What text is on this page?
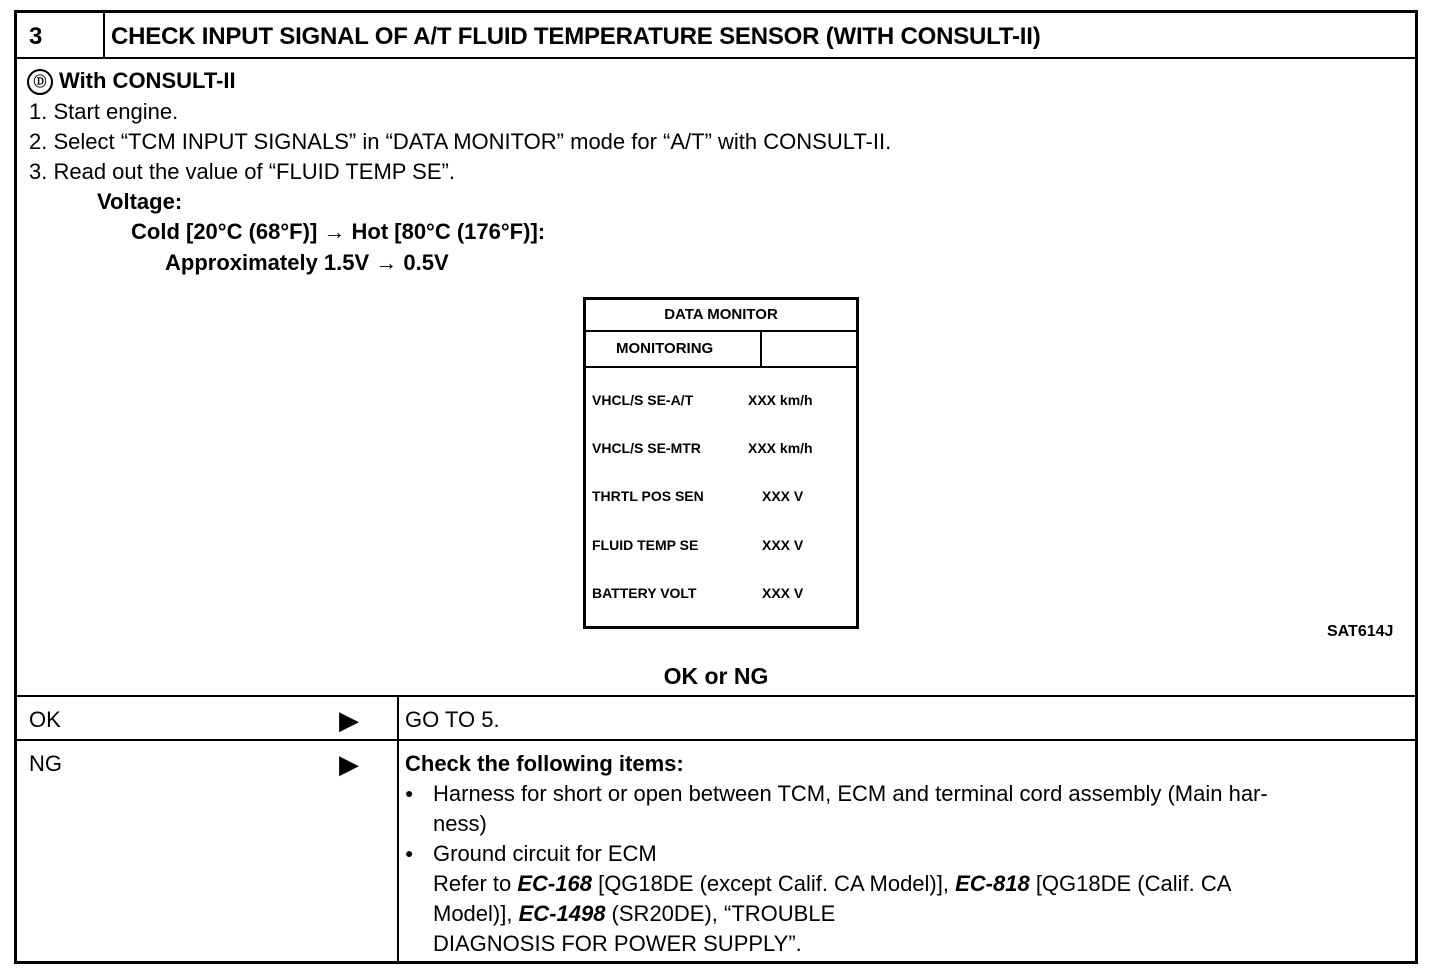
3	CHECK INPUT SIGNAL OF A/T FLUID TEMPERATURE SENSOR (WITH CONSULT-II)
Ⓓ With CONSULT-II
1. Start engine.
2. Select “TCM INPUT SIGNALS” in “DATA MONITOR” mode for “A/T” with CONSULT-II.
3. Read out the value of “FLUID TEMP SE”.
Voltage:
Cold [20°C (68°F)] → Hot [80°C (176°F)]:
Approximately 1.5V → 0.5V
DATA MONITOR
MONITORING
VHCL/S SE-A/T	XXX km/h
VHCL/S SE-MTR	XXX km/h
THRTL POS SEN	XXX V
FLUID TEMP SE	XXX V
BATTERY VOLT	XXX V
SAT614J
OK or NG
OK	▶ GO TO 5.
NG	▶ Check the following items:
● Harness for short or open between TCM, ECM and terminal cord assembly (Main har-
ness)
● Ground circuit for ECM
Refer to EC-168 [QG18DE (except Calif. CA Model)], EC-818 [QG18DE (Calif. CA
Model)], EC-1498 (SR20DE), “TROUBLE
DIAGNOSIS FOR POWER SUPPLY”.
